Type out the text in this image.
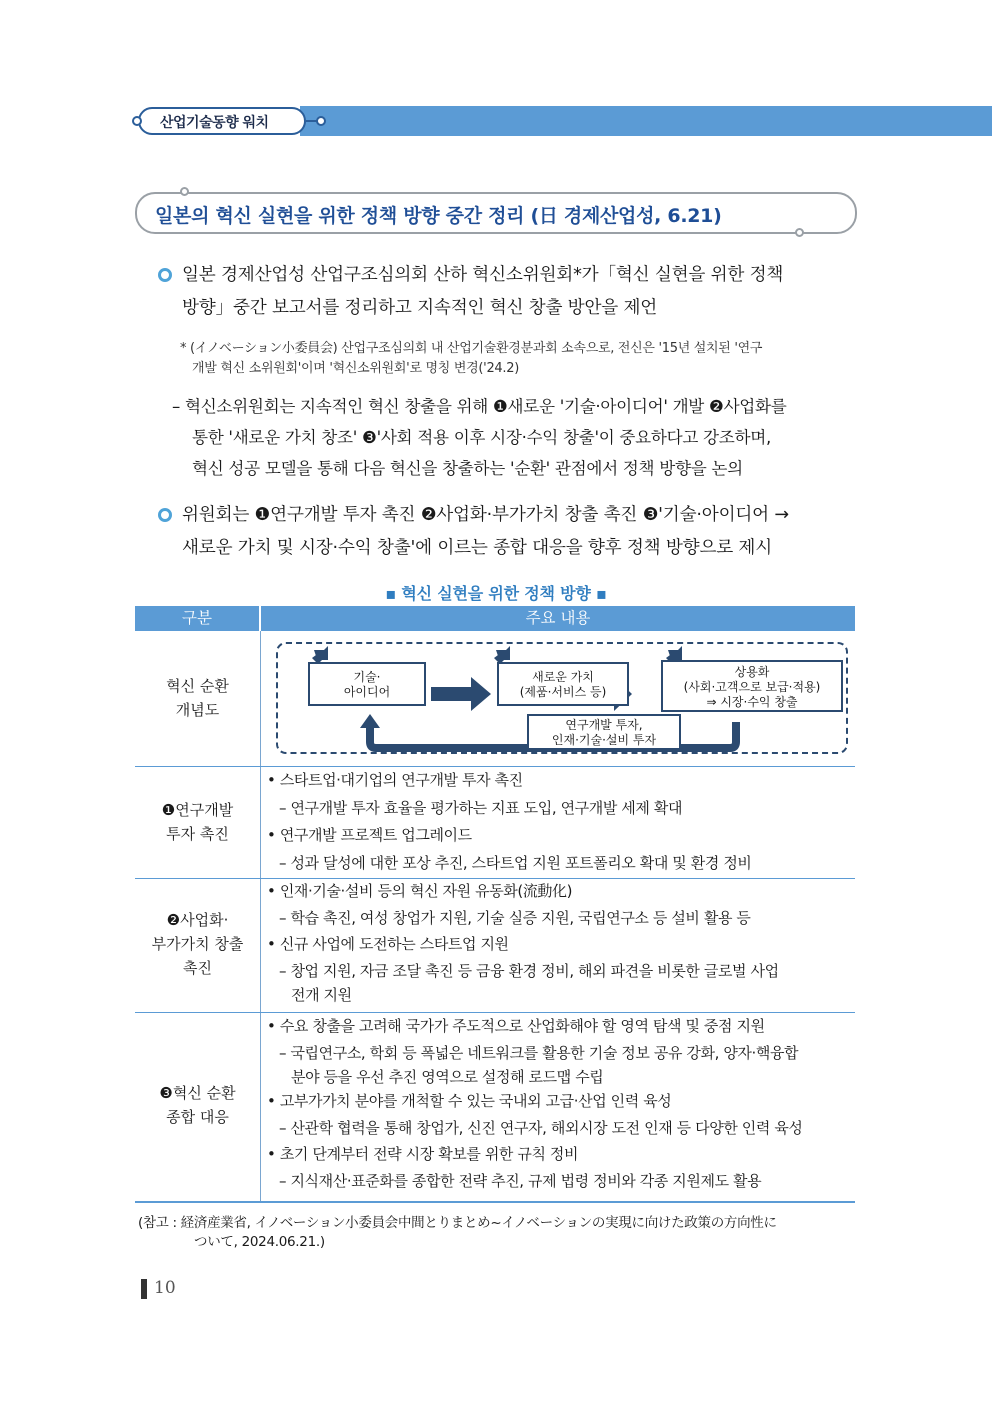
산업기술동향 워치
일본의 혁신 실현을 위한 정책 방향 중간 정리 (日 경제산업성, 6.21)
일본 경제산업성 산업구조심의회 산하 혁신소위원회*가「혁신 실현을 위한 정책
방향」중간 보고서를 정리하고 지속적인 혁신 창출 방안을 제언
* (イノベーション小委員会) 산업구조심의회 내 산업기술환경분과회 소속으로, 전신은 '15년 설치된 '연구
개발 혁신 소위원회'이며 '혁신소위원회'로 명칭 변경('24.2)
– 혁신소위원회는 지속적인 혁신 창출을 위해 ❶새로운 '기술·아이디어' 개발 ❷사업화를
통한 '새로운 가치 창조' ❸'사회 적용 이후 시장·수익 창출'이 중요하다고 강조하며,
혁신 성공 모델을 통해 다음 혁신을 창출하는 '순환' 관점에서 정책 방향을 논의
위원회는 ❶연구개발 투자 촉진 ❷사업화·부가가치 창출 촉진 ❸'기술·아이디어 →
새로운 가치 및 시장·수익 창출'에 이르는 종합 대응을 향후 정책 방향으로 제시
▪ 혁신 실현을 위한 정책 방향 ▪
구분	주요 내용
혁신 순환
개념도
기술·
아이디어
새로운 가치
(제품·서비스 등)
상용화
(사회·고객으로 보급·적용)
⇒ 시장·수익 창출
연구개발 투자,
인재·기술·설비 투자
❶연구개발
투자 촉진
• 스타트업·대기업의 연구개발 투자 촉진
– 연구개발 투자 효율을 평가하는 지표 도입, 연구개발 세제 확대
• 연구개발 프로젝트 업그레이드
– 성과 달성에 대한 포상 추진, 스타트업 지원 포트폴리오 확대 및 환경 정비
❷사업화·
부가가치 창출
촉진
• 인재·기술·설비 등의 혁신 자원 유동화(流動化)
– 학습 촉진, 여성 창업가 지원, 기술 실증 지원, 국립연구소 등 설비 활용 등
• 신규 사업에 도전하는 스타트업 지원
– 창업 지원, 자금 조달 촉진 등 금융 환경 정비, 해외 파견을 비롯한 글로벌 사업
전개 지원
❸혁신 순환
종합 대응
• 수요 창출을 고려해 국가가 주도적으로 산업화해야 할 영역 탐색 및 중점 지원
– 국립연구소, 학회 등 폭넓은 네트워크를 활용한 기술 정보 공유 강화, 양자·핵융합
분야 등을 우선 추진 영역으로 설정해 로드맵 수립
• 고부가가치 분야를 개척할 수 있는 국내외 고급·산업 인력 육성
– 산관학 협력을 통해 창업가, 신진 연구자, 해외시장 도전 인재 등 다양한 인력 육성
• 초기 단계부터 전략 시장 확보를 위한 규칙 정비
– 지식재산·표준화를 종합한 전략 추진, 규제 법령 정비와 각종 지원제도 활용
(참고 : 経済産業省, イノベーション小委員会中間とりまとめ~イノベーションの実現に向けた政策の方向性に
ついて, 2024.06.21.)
10
